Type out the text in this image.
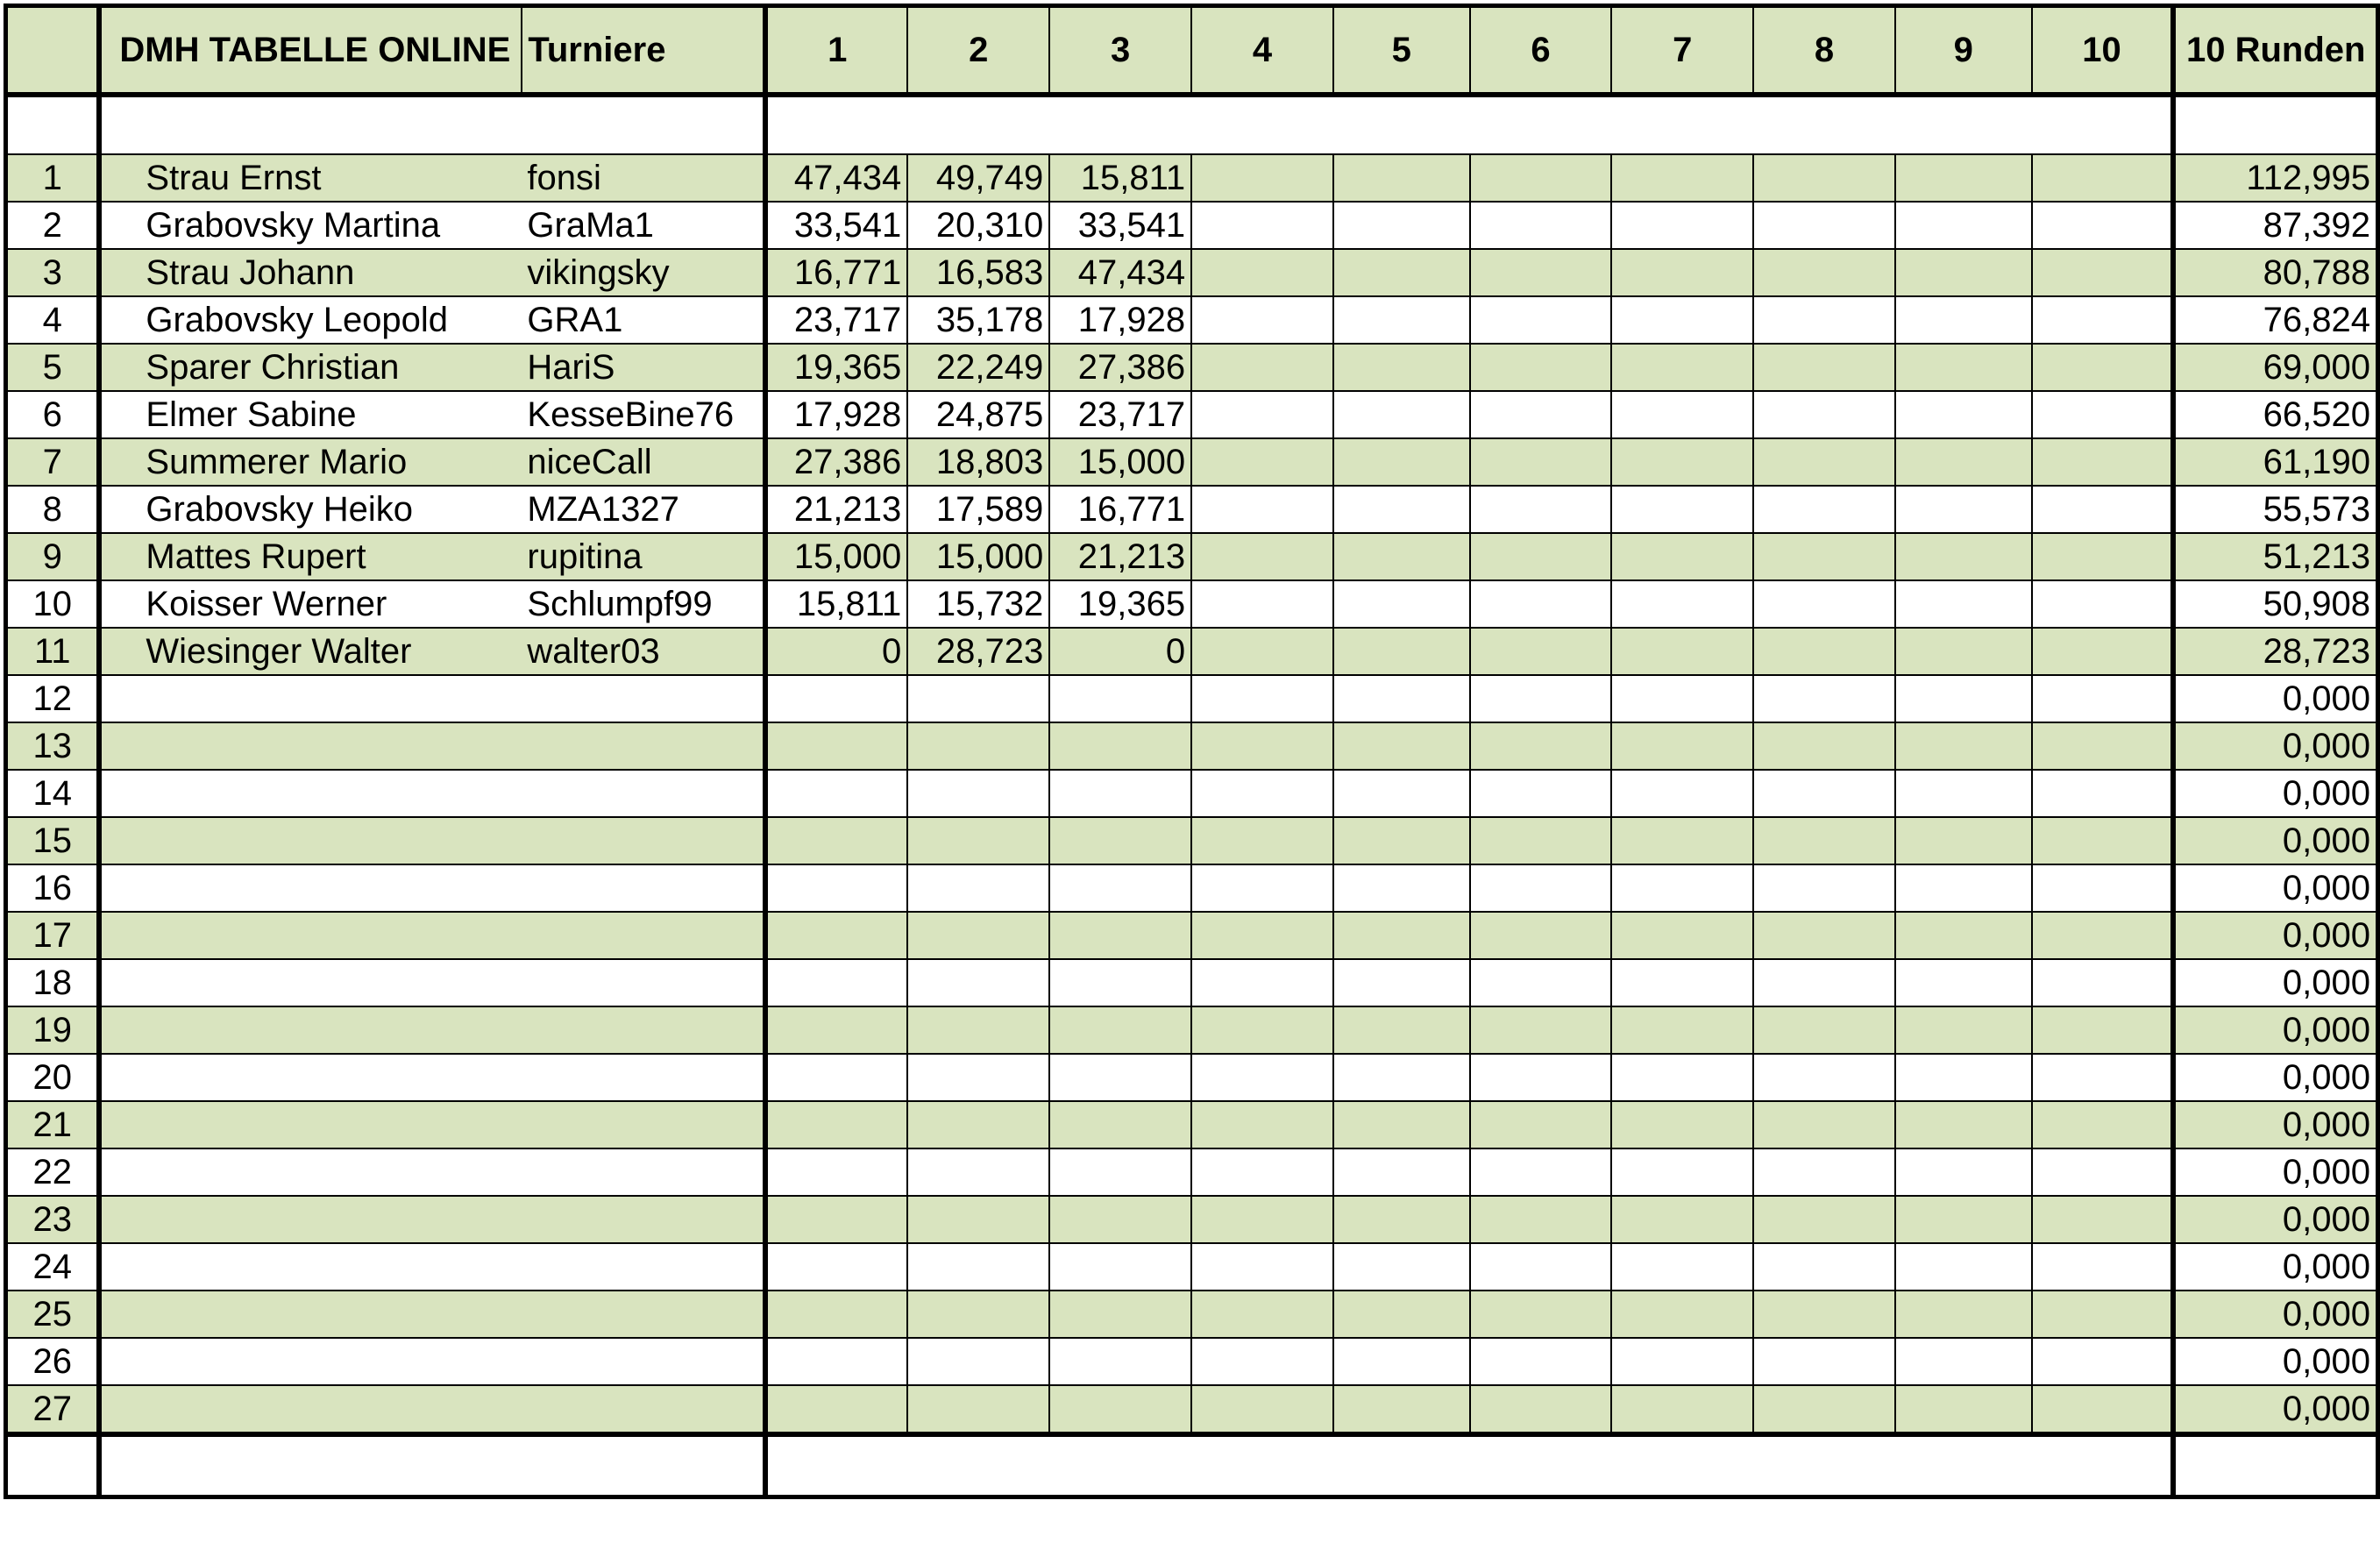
	DMH TABELLE ONLINE	Turniere	1	2	3	4	5	6	7	8	9	10	10 Runden

1	Strau Ernst	fonsi	47,434	49,749	15,811								112,995
2	Grabovsky Martina	GraMa1	33,541	20,310	33,541								87,392
3	Strau Johann	vikingsky	16,771	16,583	47,434								80,788
4	Grabovsky Leopold	GRA1	23,717	35,178	17,928								76,824
5	Sparer Christian	HariS	19,365	22,249	27,386								69,000
6	Elmer Sabine	KesseBine76	17,928	24,875	23,717								66,520
7	Summerer Mario	niceCall	27,386	18,803	15,000								61,190
8	Grabovsky Heiko	MZA1327	21,213	17,589	16,771								55,573
9	Mattes Rupert	rupitina	15,000	15,000	21,213								51,213
10	Koisser Werner	Schlumpf99	15,811	15,732	19,365								50,908
11	Wiesinger Walter	walter03	0	28,723	0								28,723
12													0,000
13													0,000
14													0,000
15													0,000
16													0,000
17													0,000
18													0,000
19													0,000
20													0,000
21													0,000
22													0,000
23													0,000
24													0,000
25													0,000
26													0,000
27													0,000
